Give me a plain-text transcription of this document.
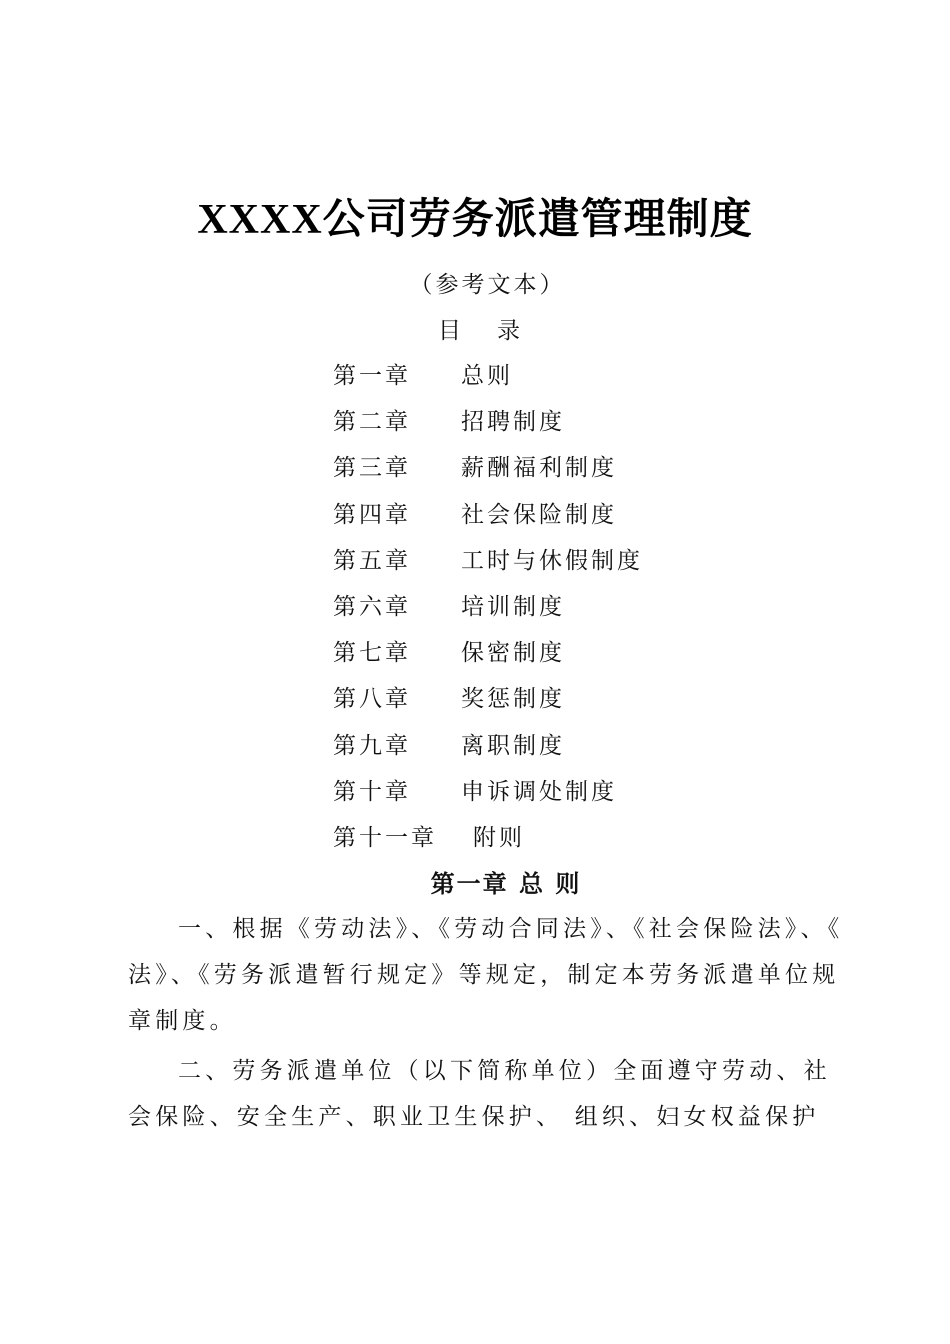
XXXX公司劳务派遣管理制度
（参考文本）
目 录
第一章 总则
第二章 招聘制度
第三章 薪酬福利制度
第四章 社会保险制度
第五章 工时与休假制度
第六章 培训制度
第七章 保密制度
第八章 奖惩制度
第九章 离职制度
第十章 申诉调处制度
第十一章 附则
第一章 总 则

一、根据《劳动法》、《劳动合同法》、《社会保险法》、《 法》、《劳务派遣暂行规定》等规定，制定本劳务派遣单位规章制度。

二、劳务派遣单位（以下简称单位）全面遵守劳动、社会保险、安全生产、职业卫生保护、 组织、妇女权益保护
